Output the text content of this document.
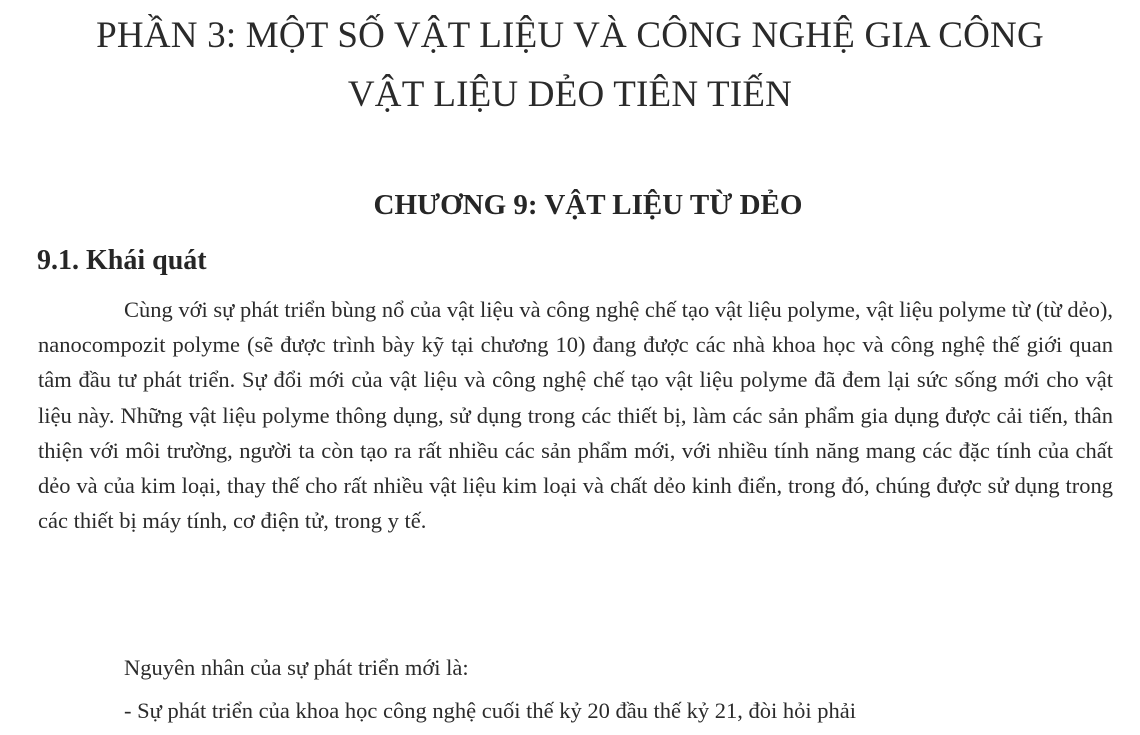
PHẦN 3: MỘT SỐ VẬT LIỆU VÀ CÔNG NGHỆ GIA CÔNG
VẬT LIỆU DẺO TIÊN TIẾN
CHƯƠNG 9: VẬT LIỆU TỪ DẺO
9.1. Khái quát

Cùng với sự phát triển bùng nổ của vật liệu và công nghệ chế tạo vật liệu polyme, vật liệu polyme từ (từ dẻo), nanocompozit polyme (sẽ được trình bày kỹ tại chương 10) đang được các nhà khoa học và công nghệ thế giới quan tâm đầu tư phát triển. Sự đổi mới của vật liệu và công nghệ chế tạo vật liệu polyme đã đem lại sức sống mới cho vật liệu này. Những vật liệu polyme thông dụng, sử dụng trong các thiết bị, làm các sản phẩm gia dụng được cải tiến, thân thiện với môi trường, người ta còn tạo ra rất nhiều các sản phẩm mới, với nhiều tính năng mang các đặc tính của chất dẻo và của kim loại, thay thế cho rất nhiều vật liệu kim loại và chất dẻo kinh điển, trong đó, chúng được sử dụng trong các thiết bị máy tính, cơ điện tử, trong y tế.

Nguyên nhân của sự phát triển mới là:

- Sự phát triển của khoa học công nghệ cuối thế kỷ 20 đầu thế kỷ 21, đòi hỏi phải
